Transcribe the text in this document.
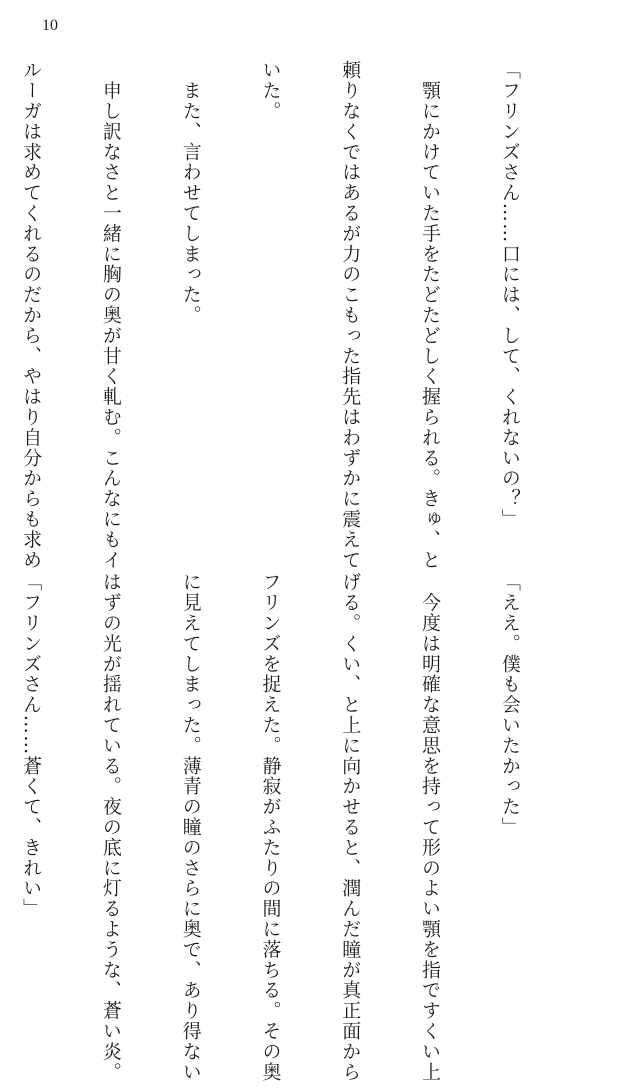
10

「フリンズさん……口には、して、くれないの？」

　顎にかけていた手をたどたどしく握られる。きゅ、と

頼りなくではあるが力のこもった指先はわずかに震えて

いた。

　また、言わせてしまった。

　申し訳なさと一緒に胸の奥が甘く軋む。こんなにもイ

ルーガは求めてくれるのだから、やはり自分からも求め

「ええ。僕も会いたかった」

　今度は明確な意思を持って形のよい顎を指ですくい上

げる。くい、と上に向かせると、潤んだ瞳が真正面から

フリンズを捉えた。静寂がふたりの間に落ちる。その奥

に見えてしまった。薄青の瞳のさらに奥で、あり得ない

はずの光が揺れている。夜の底に灯るような、蒼い炎。

「フリンズさん……蒼くて、きれい」
